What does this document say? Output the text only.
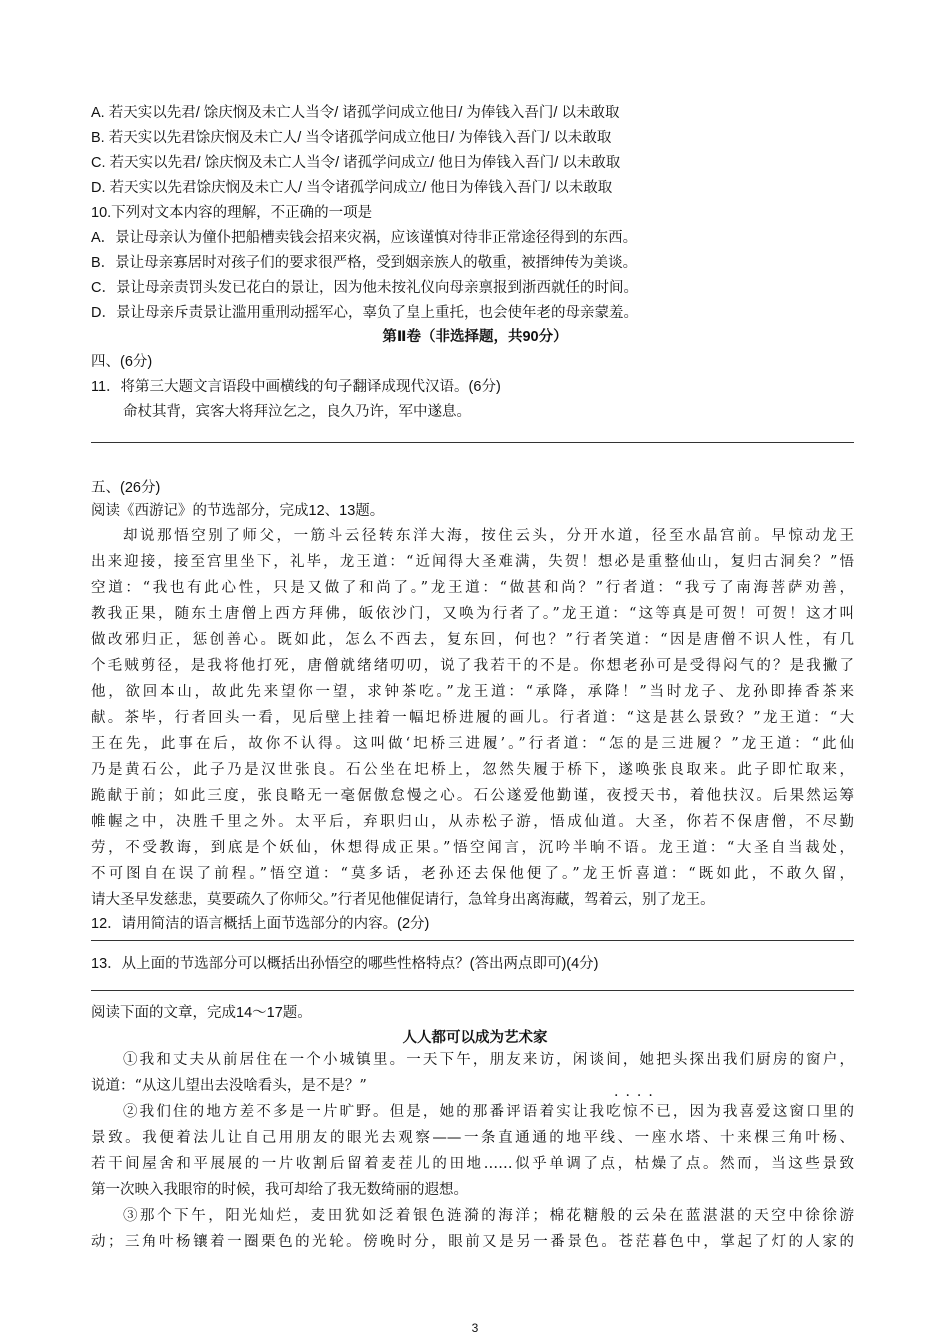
A. 若天实以先君/ 馀庆悯及未亡人当令/ 诸孤学问成立他日/ 为俸钱入吾门/ 以未敢取
B. 若天实以先君馀庆悯及未亡人/ 当令诸孤学问成立他日/ 为俸钱入吾门/ 以未敢取
C. 若天实以先君/ 馀庆悯及未亡人当令/ 诸孤学问成立/ 他日为俸钱入吾门/ 以未敢取
D. 若天实以先君馀庆悯及未亡人/ 当令诸孤学问成立/ 他日为俸钱入吾门/ 以未敢取
10.下列对文本内容的理解，不正确的一项是
A．景让母亲认为僮仆把船槽卖钱会招来灾祸，应该谨慎对待非正常途径得到的东西。
B．景让母亲寡居时对孩子们的要求很严格，受到姻亲族人的敬重，被搢绅传为美谈。
C．景让母亲责罚头发已花白的景让，因为他未按礼仪向母亲禀报到浙西就任的时间。
D．景让母亲斥责景让滥用重刑动摇军心，辜负了皇上重托，也会使年老的母亲蒙羞。
第Ⅱ卷（非选择题，共90分）
四、(6分)
11．将第三大题文言语段中画横线的句子翻译成现代汉语。(6分)
命杖其背，宾客大将拜泣乞之，良久乃许，军中遂息。
五、(26分)
阅读《西游记》的节选部分，完成12、13题。
却说那悟空别了师父，一筋斗云径转东洋大海，按住云头，分开水道，径至水晶宫前。早惊动龙王
出来迎接，接至宫里坐下，礼毕，龙王道：“近闻得大圣难满，失贺！想必是重整仙山，复归古洞矣？”悟
空道：“我也有此心性，只是又做了和尚了。”龙王道：“做甚和尚？”行者道：“我亏了南海菩萨劝善，
教我正果，随东土唐僧上西方拜佛，皈依沙门，又唤为行者了。”龙王道：“这等真是可贺！可贺！这才叫
做改邪归正，惩创善心。既如此，怎么不西去，复东回，何也？”行者笑道：“因是唐僧不识人性，有几
个毛贼剪径，是我将他打死，唐僧就绪绪叨叨，说了我若干的不是。你想老孙可是受得闷气的？是我撇了
他，欲回本山，故此先来望你一望，求钟茶吃。”龙王道：“承降，承降！”当时龙子、龙孙即捧香茶来
献。茶毕，行者回头一看，见后壁上挂着一幅圯桥进履的画儿。行者道：“这是甚么景致？”龙王道：“大
王在先，此事在后，故你不认得。这叫做‘圯桥三进履’。”行者道：“怎的是三进履？”龙王道：“此仙
乃是黄石公，此子乃是汉世张良。石公坐在圯桥上，忽然失履于桥下，遂唤张良取来。此子即忙取来，
跪献于前；如此三度，张良略无一毫倨傲怠慢之心。石公遂爱他勤谨，夜授天书，着他扶汉。后果然运筹
帷幄之中，决胜千里之外。太平后，弃职归山，从赤松子游，悟成仙道。大圣，你若不保唐僧，不尽勤
劳，不受教诲，到底是个妖仙，休想得成正果。”悟空闻言，沉吟半晌不语。龙王道：“大圣自当裁处，
不可图自在误了前程。”悟空道：“莫多话，老孙还去保他便了。”龙王忻喜道：“既如此，不敢久留，
请大圣早发慈悲，莫要疏久了你师父。”行者见他催促请行，急耸身出离海藏，驾着云，别了龙王。
12．请用简洁的语言概括上面节选部分的内容。(2分)
13．从上面的节选部分可以概括出孙悟空的哪些性格特点？(答出两点即可)(4分)
阅读下面的文章，完成14～17题。
人人都可以成为艺术家
①我和丈夫从前居住在一个小城镇里。一天下午，朋友来访，闲谈间，她把头探出我们厨房的窗户，
说道：“从这儿望出去没啥看头，是不是？”
····
②我们住的地方差不多是一片旷野。但是，她的那番评语着实让我吃惊不已，因为我喜爱这窗口里的
景致。我便着法儿让自己用朋友的眼光去观察——一条直通通的地平线、一座水塔、十来棵三角叶杨、
若干间屋舍和平展展的一片收割后留着麦茬儿的田地……似乎单调了点，枯燥了点。然而，当这些景致
第一次映入我眼帘的时候，我可却给了我无数绮丽的遐想。
③那个下午，阳光灿烂，麦田犹如泛着银色涟漪的海洋；棉花糖般的云朵在蓝湛湛的天空中徐徐游
动；三角叶杨镶着一圈栗色的光轮。傍晚时分，眼前又是另一番景色。苍茫暮色中，掌起了灯的人家的
3
